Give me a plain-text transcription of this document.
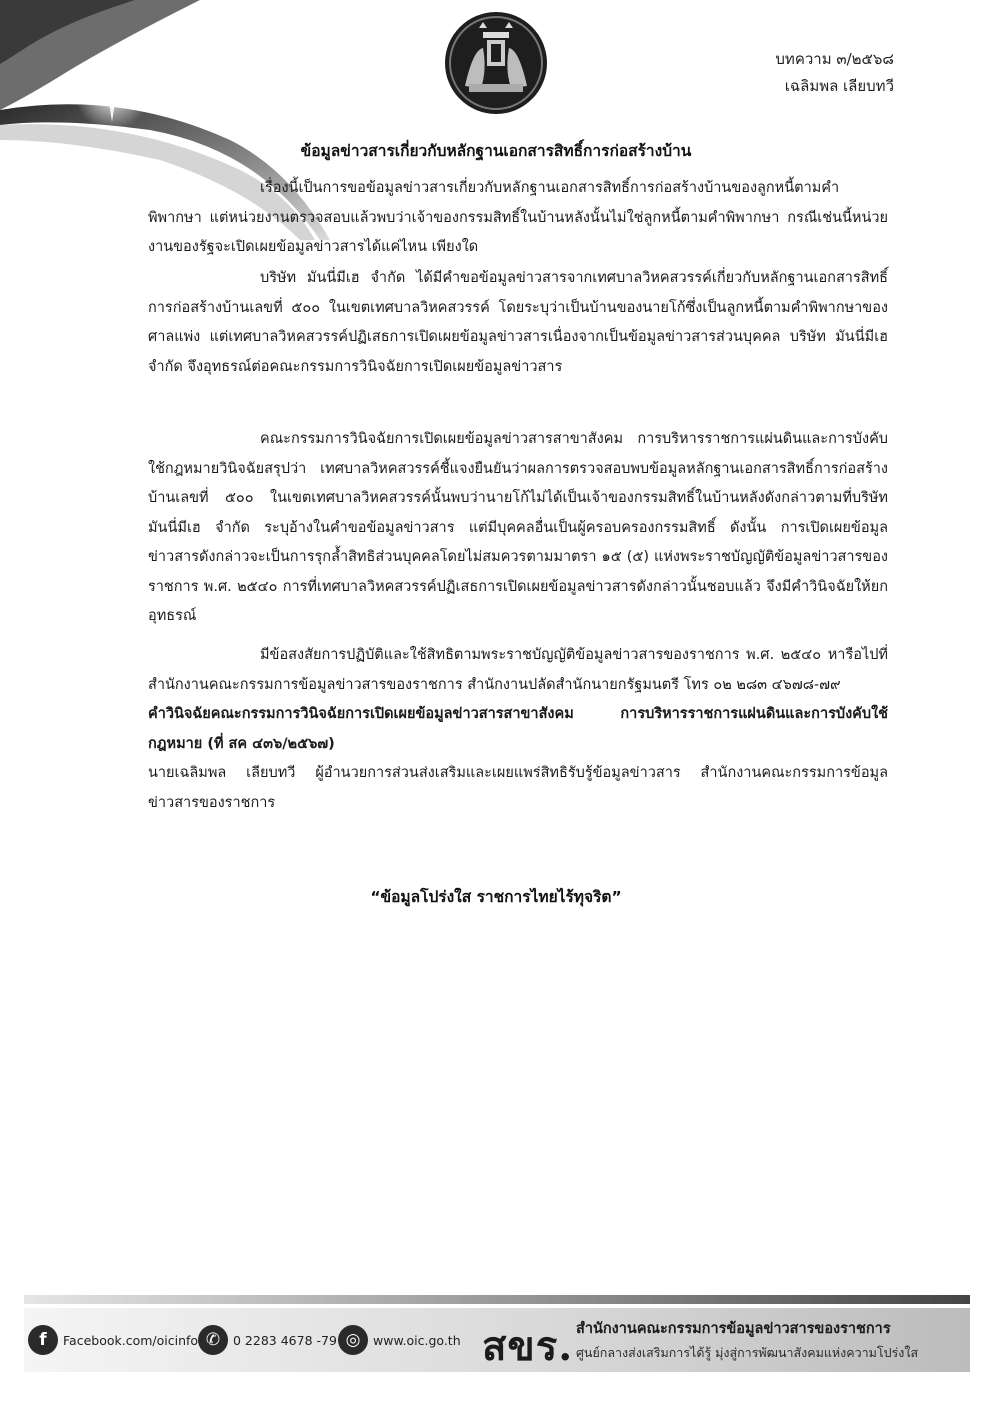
บทความ ๓/๒๕๖๘
เฉลิมพล เลียบทวี
ข้อมูลข่าวสารเกี่ยวกับหลักฐานเอกสารสิทธิ์การก่อสร้างบ้าน

เรื่องนี้เป็นการขอข้อมูลข่าวสารเกี่ยวกับหลักฐานเอกสารสิทธิ์การก่อสร้างบ้านของลูกหนี้ตามคำพิพากษา แต่หน่วยงานตรวจสอบแล้วพบว่าเจ้าของกรรมสิทธิ์ในบ้านหลังนั้นไม่ใช่ลูกหนี้ตามคำพิพากษา กรณีเช่นนี้หน่วยงานของรัฐจะเปิดเผยข้อมูลข่าวสารได้แค่ไหน เพียงใด

บริษัท มันนี่มีเฮ จำกัด ได้มีคำขอข้อมูลข่าวสารจากเทศบาลวิหคสวรรค์เกี่ยวกับหลักฐานเอกสารสิทธิ์การก่อสร้างบ้านเลขที่ ๕๐๐ ในเขตเทศบาลวิหคสวรรค์ โดยระบุว่าเป็นบ้านของนายโก้ซึ่งเป็นลูกหนี้ตามคำพิพากษาของศาลแพ่ง แต่เทศบาลวิหคสวรรค์ปฏิเสธการเปิดเผยข้อมูลข่าวสารเนื่องจากเป็นข้อมูลข่าวสารส่วนบุคคล บริษัท มันนี่มีเฮ จำกัด จึงอุทธรณ์ต่อคณะกรรมการวินิจฉัยการเปิดเผยข้อมูลข่าวสาร

คณะกรรมการวินิจฉัยการเปิดเผยข้อมูลข่าวสารสาขาสังคม การบริหารราชการแผ่นดินและการบังคับใช้กฎหมายวินิจฉัยสรุปว่า เทศบาลวิหคสวรรค์ชี้แจงยืนยันว่าผลการตรวจสอบพบข้อมูลหลักฐานเอกสารสิทธิ์การก่อสร้างบ้านเลขที่ ๕๐๐ ในเขตเทศบาลวิหคสวรรค์นั้นพบว่านายโก้ไม่ได้เป็นเจ้าของกรรมสิทธิ์ในบ้านหลังดังกล่าวตามที่บริษัท มันนี่มีเฮ จำกัด ระบุอ้างในคำขอข้อมูลข่าวสาร แต่มีบุคคลอื่นเป็นผู้ครอบครองกรรมสิทธิ์ ดังนั้น การเปิดเผยข้อมูลข่าวสารดังกล่าวจะเป็นการรุกล้ำสิทธิส่วนบุคคลโดยไม่สมควรตามมาตรา ๑๕ (๕) แห่งพระราชบัญญัติข้อมูลข่าวสารของราชการ พ.ศ. ๒๕๔๐ การที่เทศบาลวิหคสวรรค์ปฏิเสธการเปิดเผยข้อมูลข่าวสารดังกล่าวนั้นชอบแล้ว จึงมีคำวินิจฉัยให้ยกอุทธรณ์

มีข้อสงสัยการปฏิบัติและใช้สิทธิตามพระราชบัญญัติข้อมูลข่าวสารของราชการ พ.ศ. ๒๕๔๐ หารือไปที่สำนักงานคณะกรรมการข้อมูลข่าวสารของราชการ สำนักงานปลัดสำนักนายกรัฐมนตรี โทร ๐๒ ๒๘๓ ๔๖๗๘-๗๙

คำวินิจฉัยคณะกรรมการวินิจฉัยการเปิดเผยข้อมูลข่าวสารสาขาสังคม การบริหารราชการแผ่นดินและการบังคับใช้กฎหมาย (ที่ สค ๔๓๖/๒๕๖๗)

นายเฉลิมพล เลียบทวี ผู้อำนวยการส่วนส่งเสริมและเผยแพร่สิทธิรับรู้ข้อมูลข่าวสาร สำนักงานคณะกรรมการข้อมูลข่าวสารของราชการ

“ข้อมูลโปร่งใส ราชการไทยไร้ทุจริต”
f	Facebook.com/oicinfo ✆	0 2283 4678 -79 ◎	www.oic.go.th สขร. สำนักงานคณะกรรมการข้อมูลข่าวสารของราชการ
ศูนย์กลางส่งเสริมการได้รู้ มุ่งสู่การพัฒนาสังคมแห่งความโปร่งใส
